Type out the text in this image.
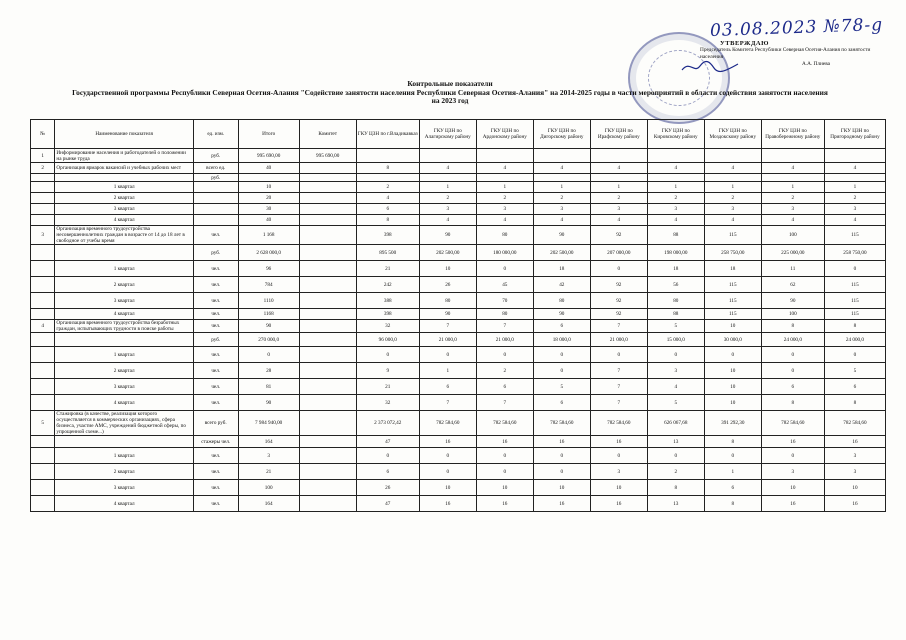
03.08.2023 №78-g
УТВЕРЖДАЮ
Председатель Комитета Республики Северная Осетия-Алания по занятости населения
А.А. Плиева
Контрольные показатели
Государственной программы Республики Северная Осетия-Алания "Содействие занятости населения Республики Северная Осетия-Алания" на 2014-2025 годы в части мероприятий в области содействия занятости населения
на 2023 год
№	Наименование показателя	ед. изм.	Итого	Комитет	ГКУ ЦЗН по г.Владикавказ	ГКУ ЦЗН по Алагирскому району	ГКУ ЦЗН по Ардонскому району	ГКУ ЦЗН по Дигорскому району	ГКУ ЦЗН по Ирафскому району	ГКУ ЦЗН по Кировскому району	ГКУ ЦЗН по Моздокскому району	ГКУ ЦЗН по Правобережному району	ГКУ ЦЗН по Пригородному району
1	Информирование населения и работодателей о положении на рынке труда	руб.	995 690,00	995 690,00									
2	Организация ярмарок вакансий и учебных рабочих мест	всего ед.	40		8	4	4	4	4	4	4	4	4
		руб.											
	1 квартал		10		2	1	1	1	1	1	1	1	1
	2 квартал		20		4	2	2	2	2	2	2	2	2
	3 квартал		30		6	3	3	3	3	3	3	3	3
	4 квартал		40		8	4	4	4	4	4	4	4	4
3	Организация временного трудоустройства несовершеннолетних граждан в возрасте от 14 до 18 лет в свободное от учебы время	чел.	1 168		398	90	80	90	92	88	115	100	115
		руб.	2 628 000,0		895 500	202 500,00	180 000,00	202 500,00	207 000,00	198 000,00	258 750,00	225 000,00	258 750,00
	1 квартал	чел.	96		21	10	0	18	0	18	18	11	0
	2 квартал	чел.	784		242	26	45	42	92	56	115	62	115
	3 квартал	чел.	1110		388	80	70	80	92	80	115	90	115
	4 квартал	чел.	1168		398	90	80	90	92	88	115	100	115
4	Организация временного трудоустройства безработных граждан, испытывающих трудности в поиске работы	чел.	90		32	7	7	6	7	5	10	8	8
		руб.	270 000,0		96 000,0	21 000,0	21 000,0	18 000,0	21 000,0	15 000,0	30 000,0	24 000,0	24 000,0
	1 квартал	чел.	0		0	0	0	0	0	0	0	0	0
	2 квартал	чел.	28		9	1	2	0	7	3	10	0	5
	3 квартал	чел.	81		21	6	6	5	7	4	10	6	6
	4 квартал	чел.	90		32	7	7	6	7	5	10	8	8
5	Стажировка (в качестве, реализация которого осуществляется в коммерческих организациях, сфера бизнеса, участие АМС, учреждений бюджетной сферы, по упрощенной схеме...)	всего руб.	7 984 940,00		2 373 072,42	782 584,60	782 584,60	782 584,60	782 584,60	626 067,68	391 292,30	782 584,60	782 584,60
		стажеры чел.	164		47	16	16	16	16	13	8	16	16
	1 квартал	чел.	3		0	0	0	0	0	0	0	0	3
	2 квартал	чел.	21		6	0	0	0	3	2	1	3	3
	3 квартал	чел.	100		26	10	10	10	10	8	6	10	10
	4 квартал	чел.	164		47	16	16	16	16	13	8	16	16
